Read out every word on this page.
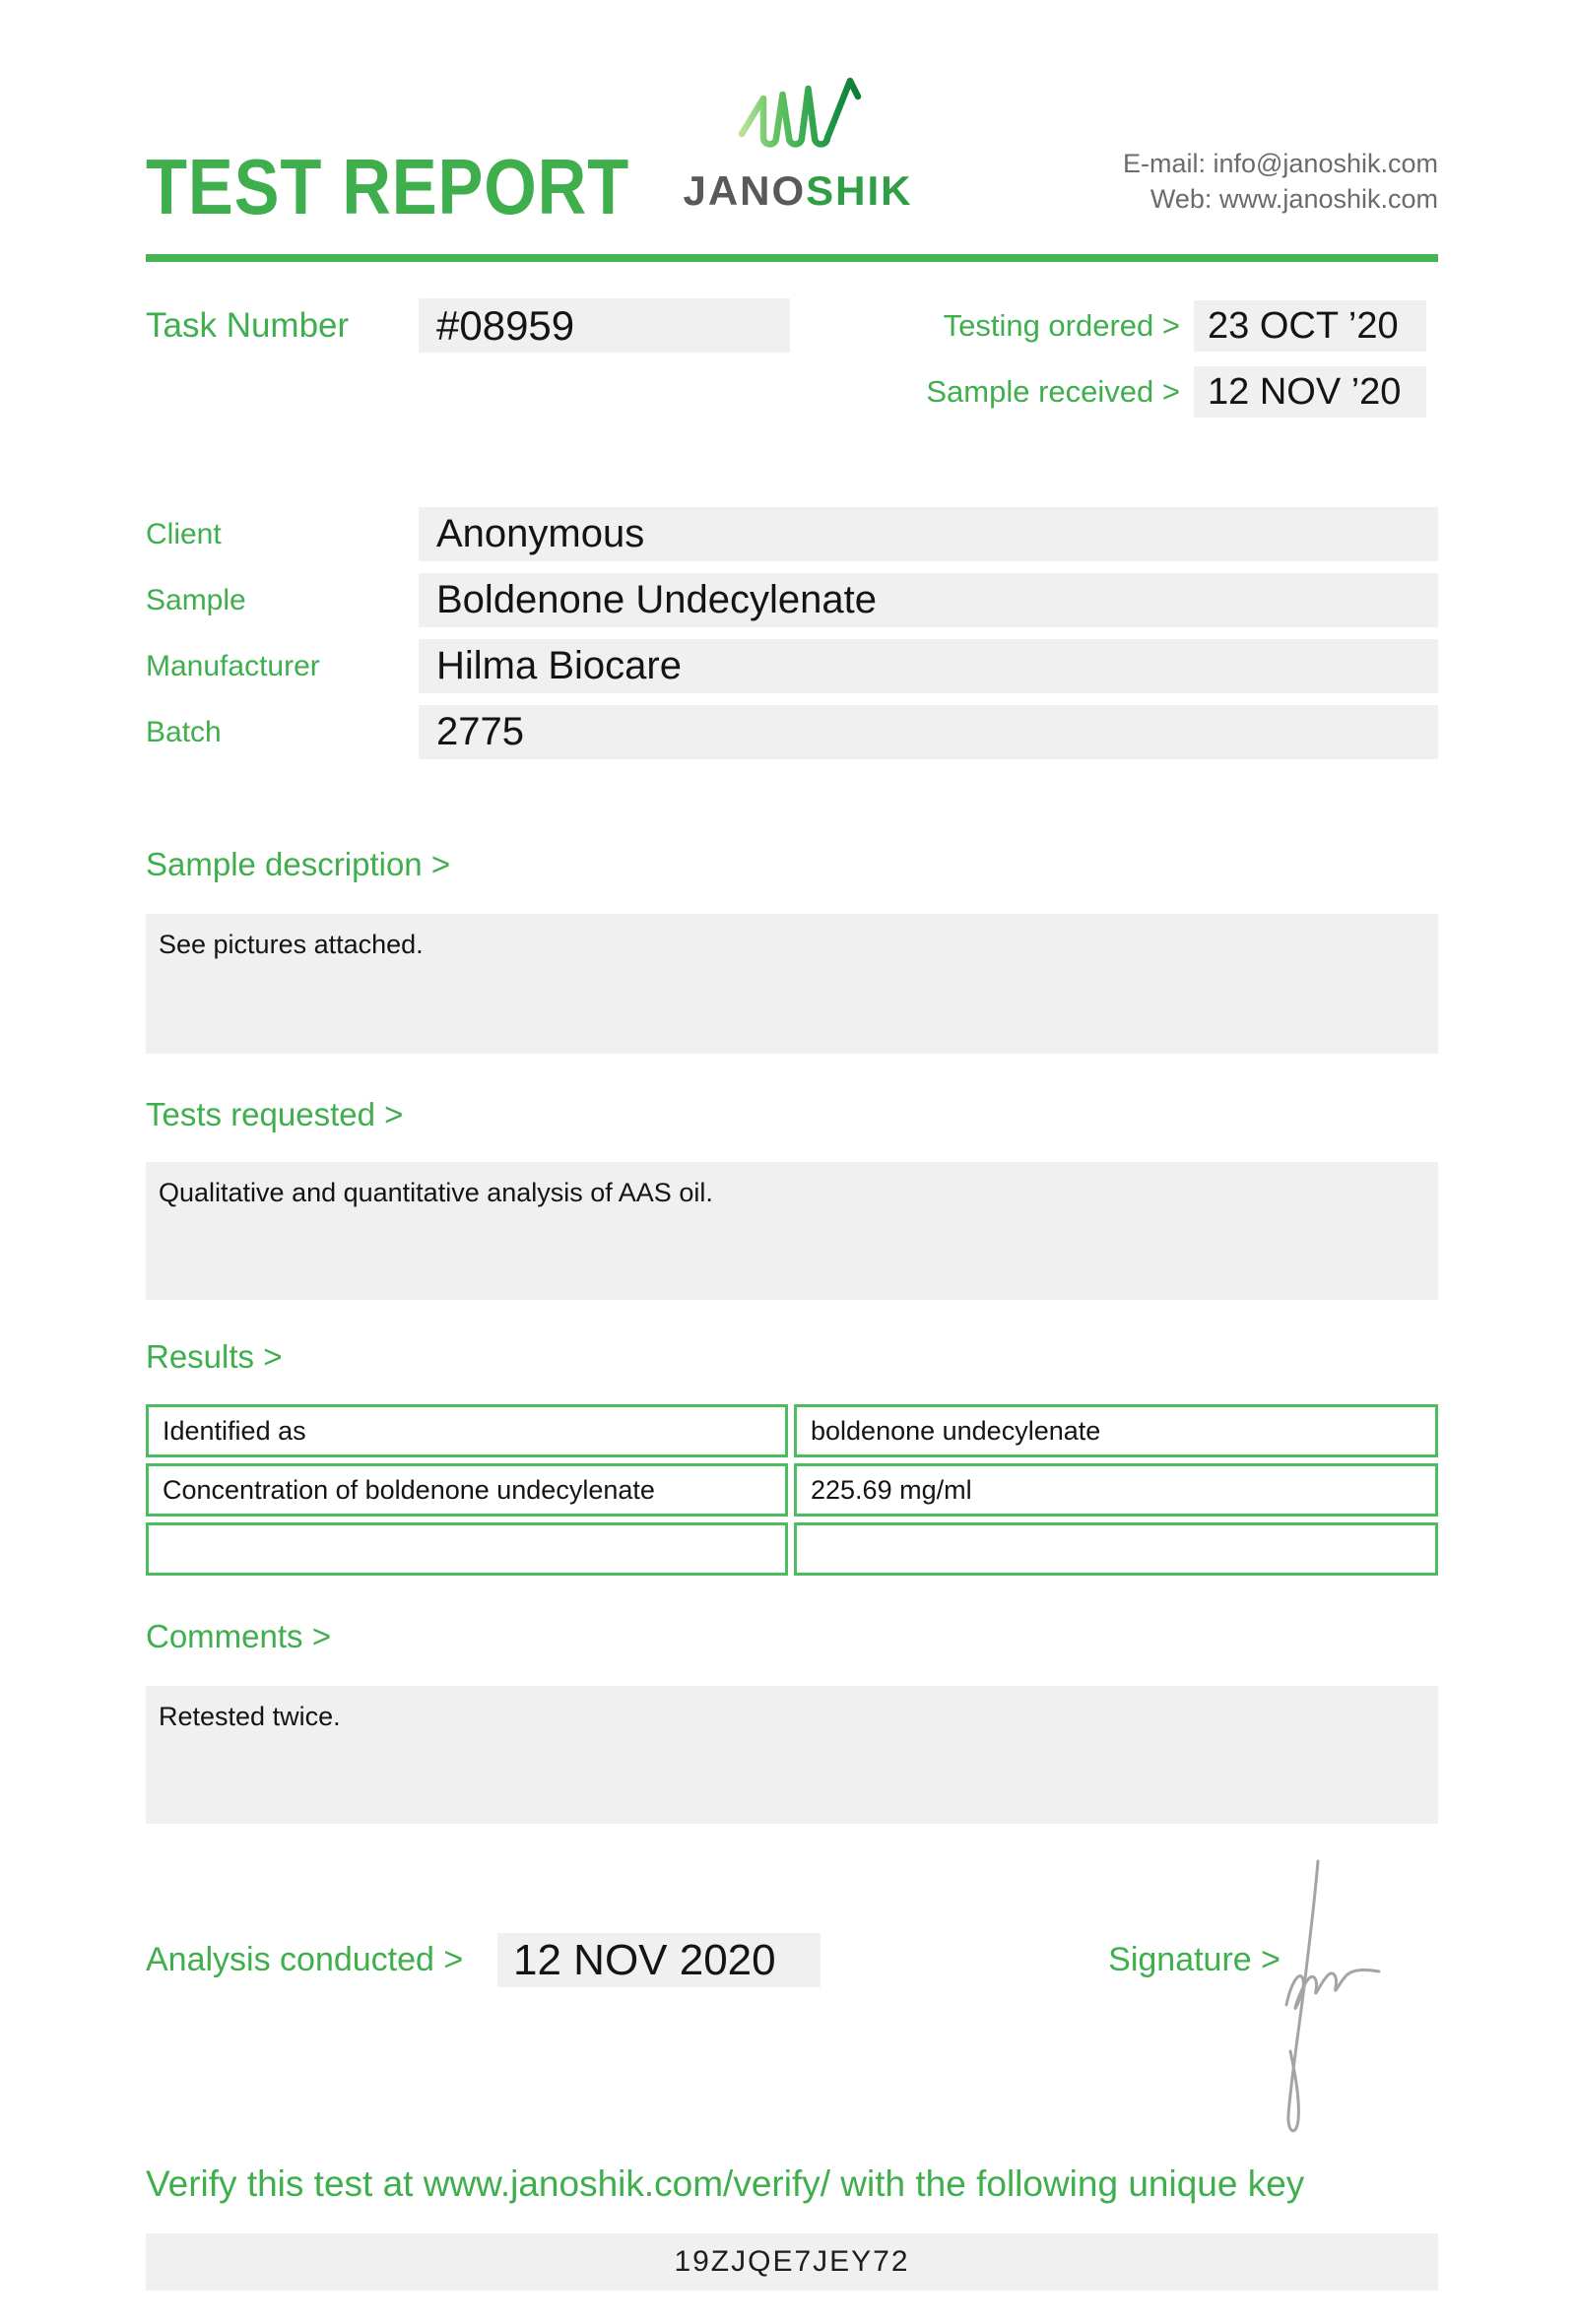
TEST REPORT JANOSHIK
E-mail: info@janoshik.com
Web: www.janoshik.com
Task Number	#08959	Testing ordered > 23 OCT ’20
Sample received > 12 NOV ’20
Client	Anonymous
Sample	Boldenone Undecylenate
Manufacturer	Hilma Biocare
Batch	2775
Sample description >

See pictures attached.

Tests requested >

Qualitative and quantitative analysis of AAS oil.

Results >
Identified as	boldenone undecylenate
Concentration of boldenone undecylenate	225.69 mg/ml
Comments >

Retested twice.

Analysis conducted >	12 NOV 2020	Signature >
Verify this test at www.janoshik.com/verify/ with the following unique key
19ZJQE7JEY72
